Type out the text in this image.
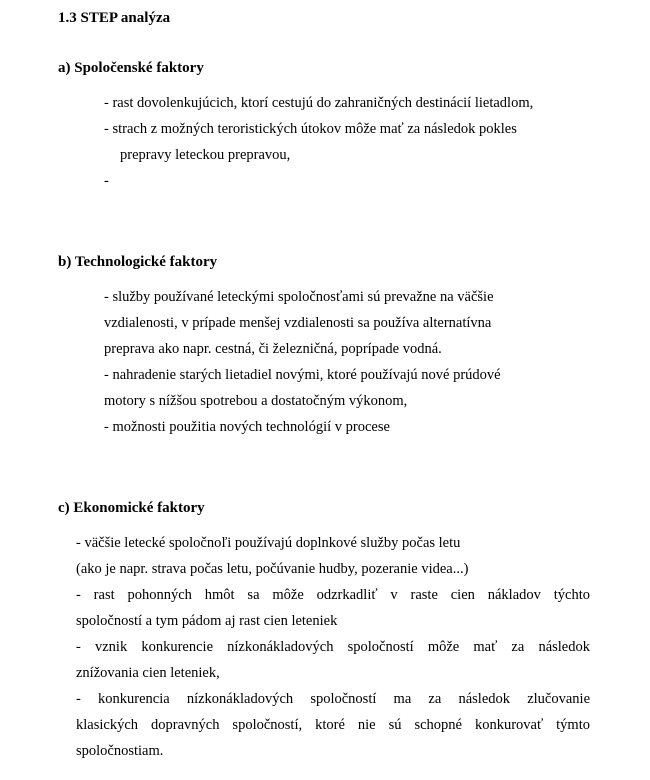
1.3 STEP analýza
a) Spoločenské faktory

- rast dovolenkujúcich, ktorí cestujú do zahraničných destinácií lietadlom,

- strach z možných teroristických útokov môže mať za následok pokles

prepravy leteckou prepravou,

-

b) Technologické faktory

- služby používané leteckými spoločnosťami sú prevažne na väčšie

vzdialenosti, v prípade menšej vzdialenosti sa používa alternatívna

preprava ako napr. cestná, či železničná, poprípade vodná.

- nahradenie starých lietadiel novými, ktoré používajú nové prúdové

motory s nížšou spotrebou a dostatočným výkonom,

- možnosti použitia nových technológií v procese

c) Ekonomické faktory

- väčšie letecké spoločnoľi používajú doplnkové služby počas letu

(ako je napr. strava počas letu, počúvanie hudby, pozeranie videa...)

- rast pohonných hmôt sa môže odzrkadliť v raste cien nákladov týchto

spoločností a tym pádom aj rast cien leteniek

- vznik konkurencie nízkonákladových spoločností môže mať za následok

znížovania cien leteniek,

- konkurencia nízkonákladových spoločností ma za následok zlučovanie

klasických dopravných spoločností, ktoré nie sú schopné konkurovať týmto

spoločnostiam.
